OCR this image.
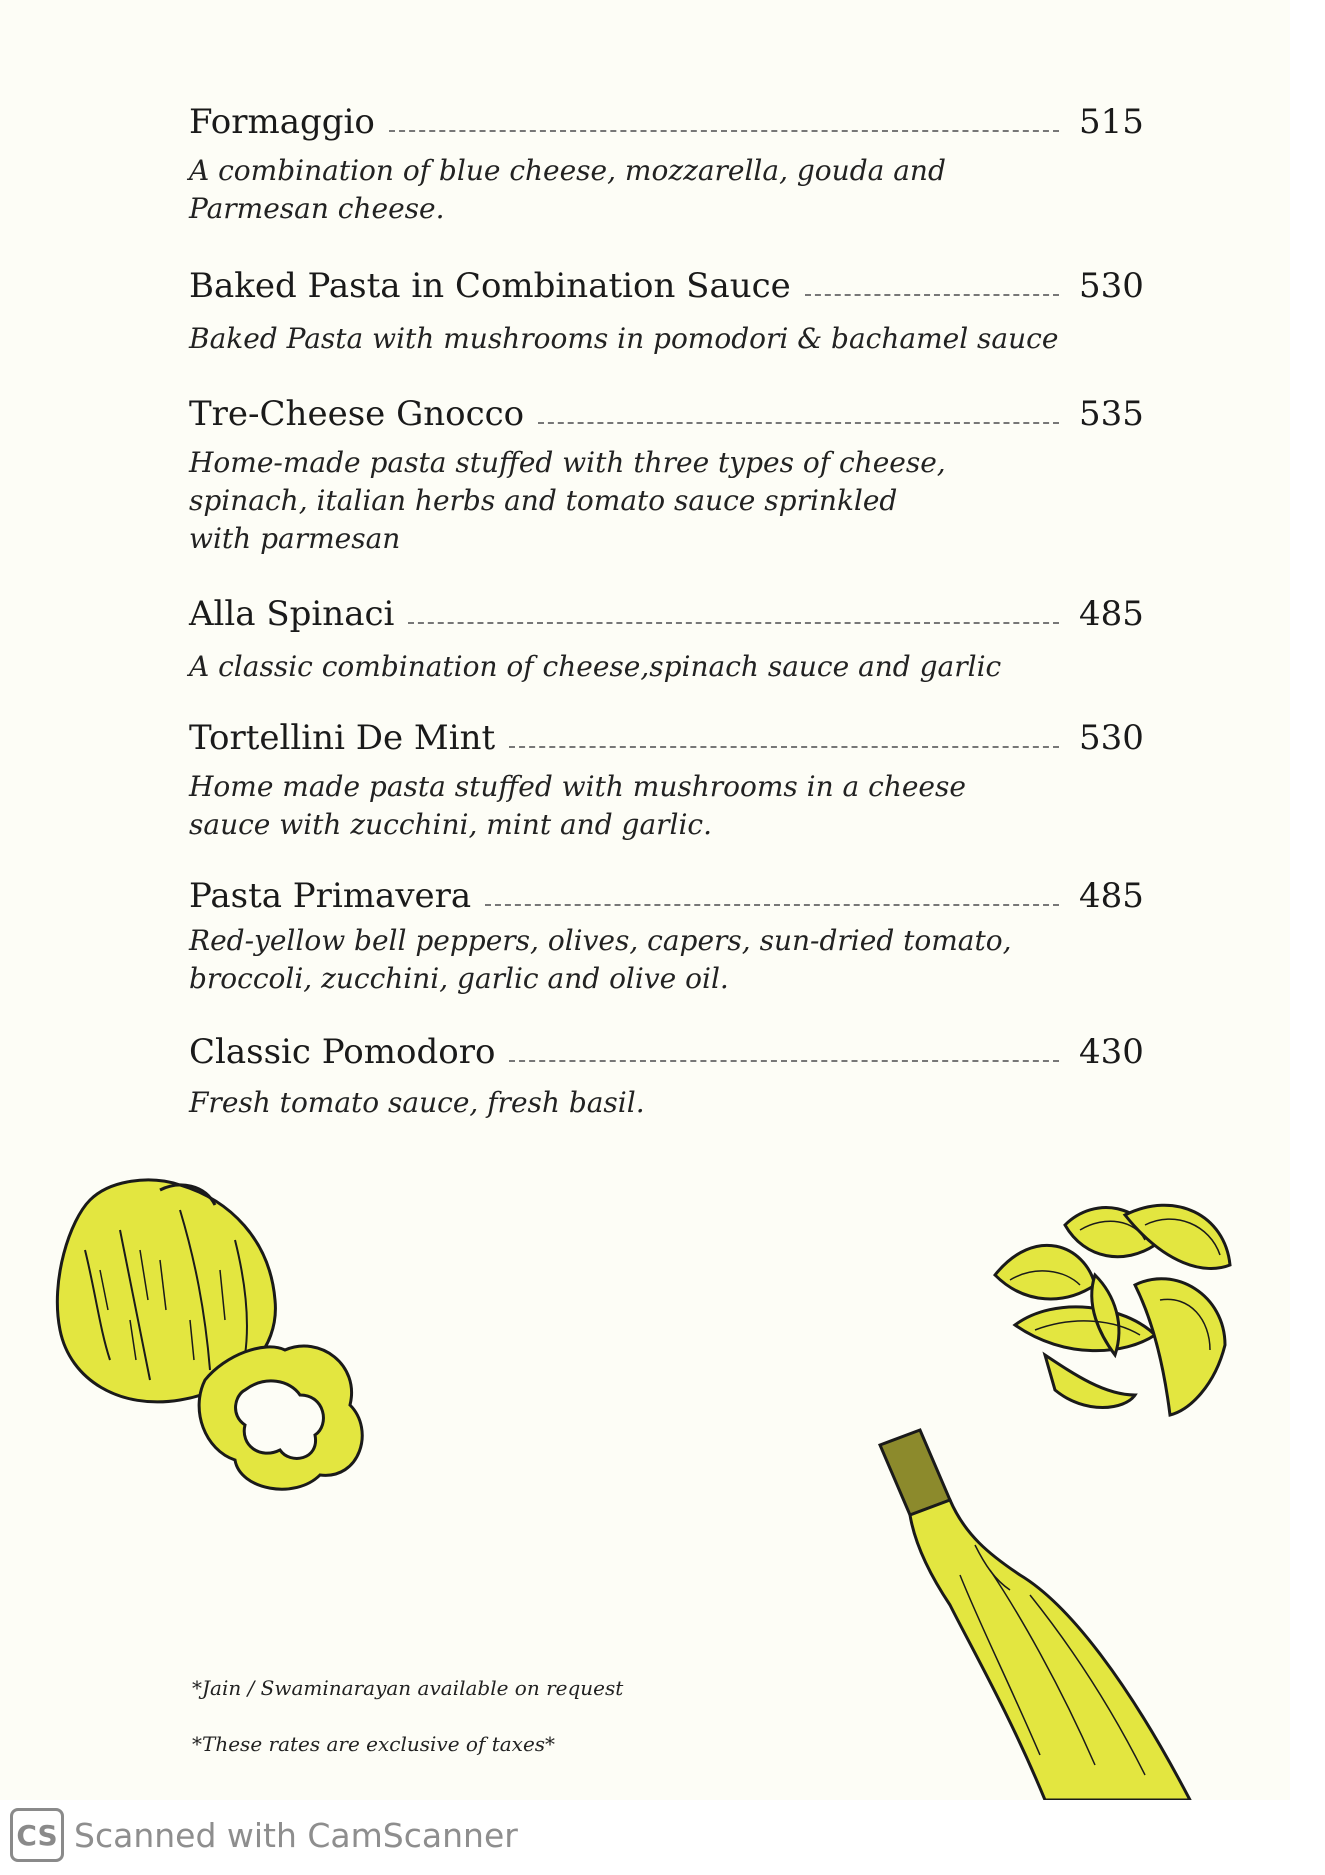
Formaggio	515
A combination of blue cheese, mozzarella, gouda and
Parmesan cheese.
Baked Pasta in Combination Sauce	530
Baked Pasta with mushrooms in pomodori & bachamel sauce
Tre-Cheese Gnocco	535
Home-made pasta stuffed with three types of cheese,
spinach, italian herbs and tomato sauce sprinkled
with parmesan
Alla Spinaci	485
A classic combination of cheese,spinach sauce and garlic
Tortellini De Mint	530
Home made pasta stuffed with mushrooms in a cheese
sauce with zucchini, mint and garlic.
Pasta Primavera	485
Red-yellow bell peppers, olives, capers, sun-dried tomato,
broccoli, zucchini, garlic and olive oil.
Classic Pomodoro	430
Fresh tomato sauce, fresh basil.
*Jain / Swaminarayan available on request
*These rates are exclusive of taxes*
CS Scanned with CamScanner
